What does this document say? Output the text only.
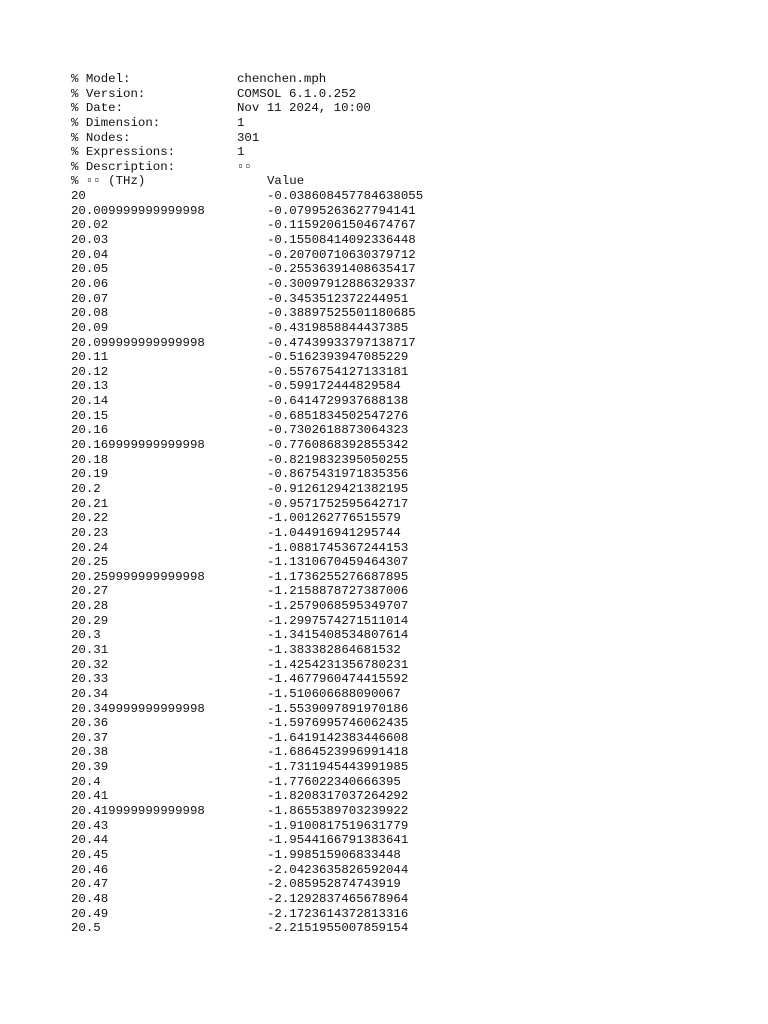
% Model:	chenchen.mph
% Version:	COMSOL 6.1.0.252
% Date:	Nov 11 2024, 10:00
% Dimension:	1
% Nodes:	301
% Expressions:	1
% Description:	▫▫
% ▫▫ (THz)	Value
20	-0.038608457784638055
20.009999999999998	-0.07995263627794141
20.02	-0.11592061504674767
20.03	-0.15508414092336448
20.04	-0.20700710630379712
20.05	-0.25536391408635417
20.06	-0.30097912886329337
20.07	-0.3453512372244951
20.08	-0.38897525501180685
20.09	-0.4319858844437385
20.099999999999998	-0.47439933797138717
20.11	-0.5162393947085229
20.12	-0.5576754127133181
20.13	-0.599172444829584
20.14	-0.6414729937688138
20.15	-0.6851834502547276
20.16	-0.7302618873064323
20.169999999999998	-0.7760868392855342
20.18	-0.8219832395050255
20.19	-0.8675431971835356
20.2	-0.9126129421382195
20.21	-0.9571752595642717
20.22	-1.001262776515579
20.23	-1.044916941295744
20.24	-1.0881745367244153
20.25	-1.1310670459464307
20.259999999999998	-1.1736255276687895
20.27	-1.2158878727387006
20.28	-1.2579068595349707
20.29	-1.2997574271511014
20.3	-1.3415408534807614
20.31	-1.383382864681532
20.32	-1.4254231356780231
20.33	-1.4677960474415592
20.34	-1.510606688090067
20.349999999999998	-1.5539097891970186
20.36	-1.5976995746062435
20.37	-1.6419142383446608
20.38	-1.6864523996991418
20.39	-1.7311945443991985
20.4	-1.776022340666395
20.41	-1.8208317037264292
20.419999999999998	-1.8655389703239922
20.43	-1.9100817519631779
20.44	-1.9544166791383641
20.45	-1.998515906833448
20.46	-2.0423635826592044
20.47	-2.085952874743919
20.48	-2.1292837465678964
20.49	-2.1723614372813316
20.5	-2.2151955007859154
